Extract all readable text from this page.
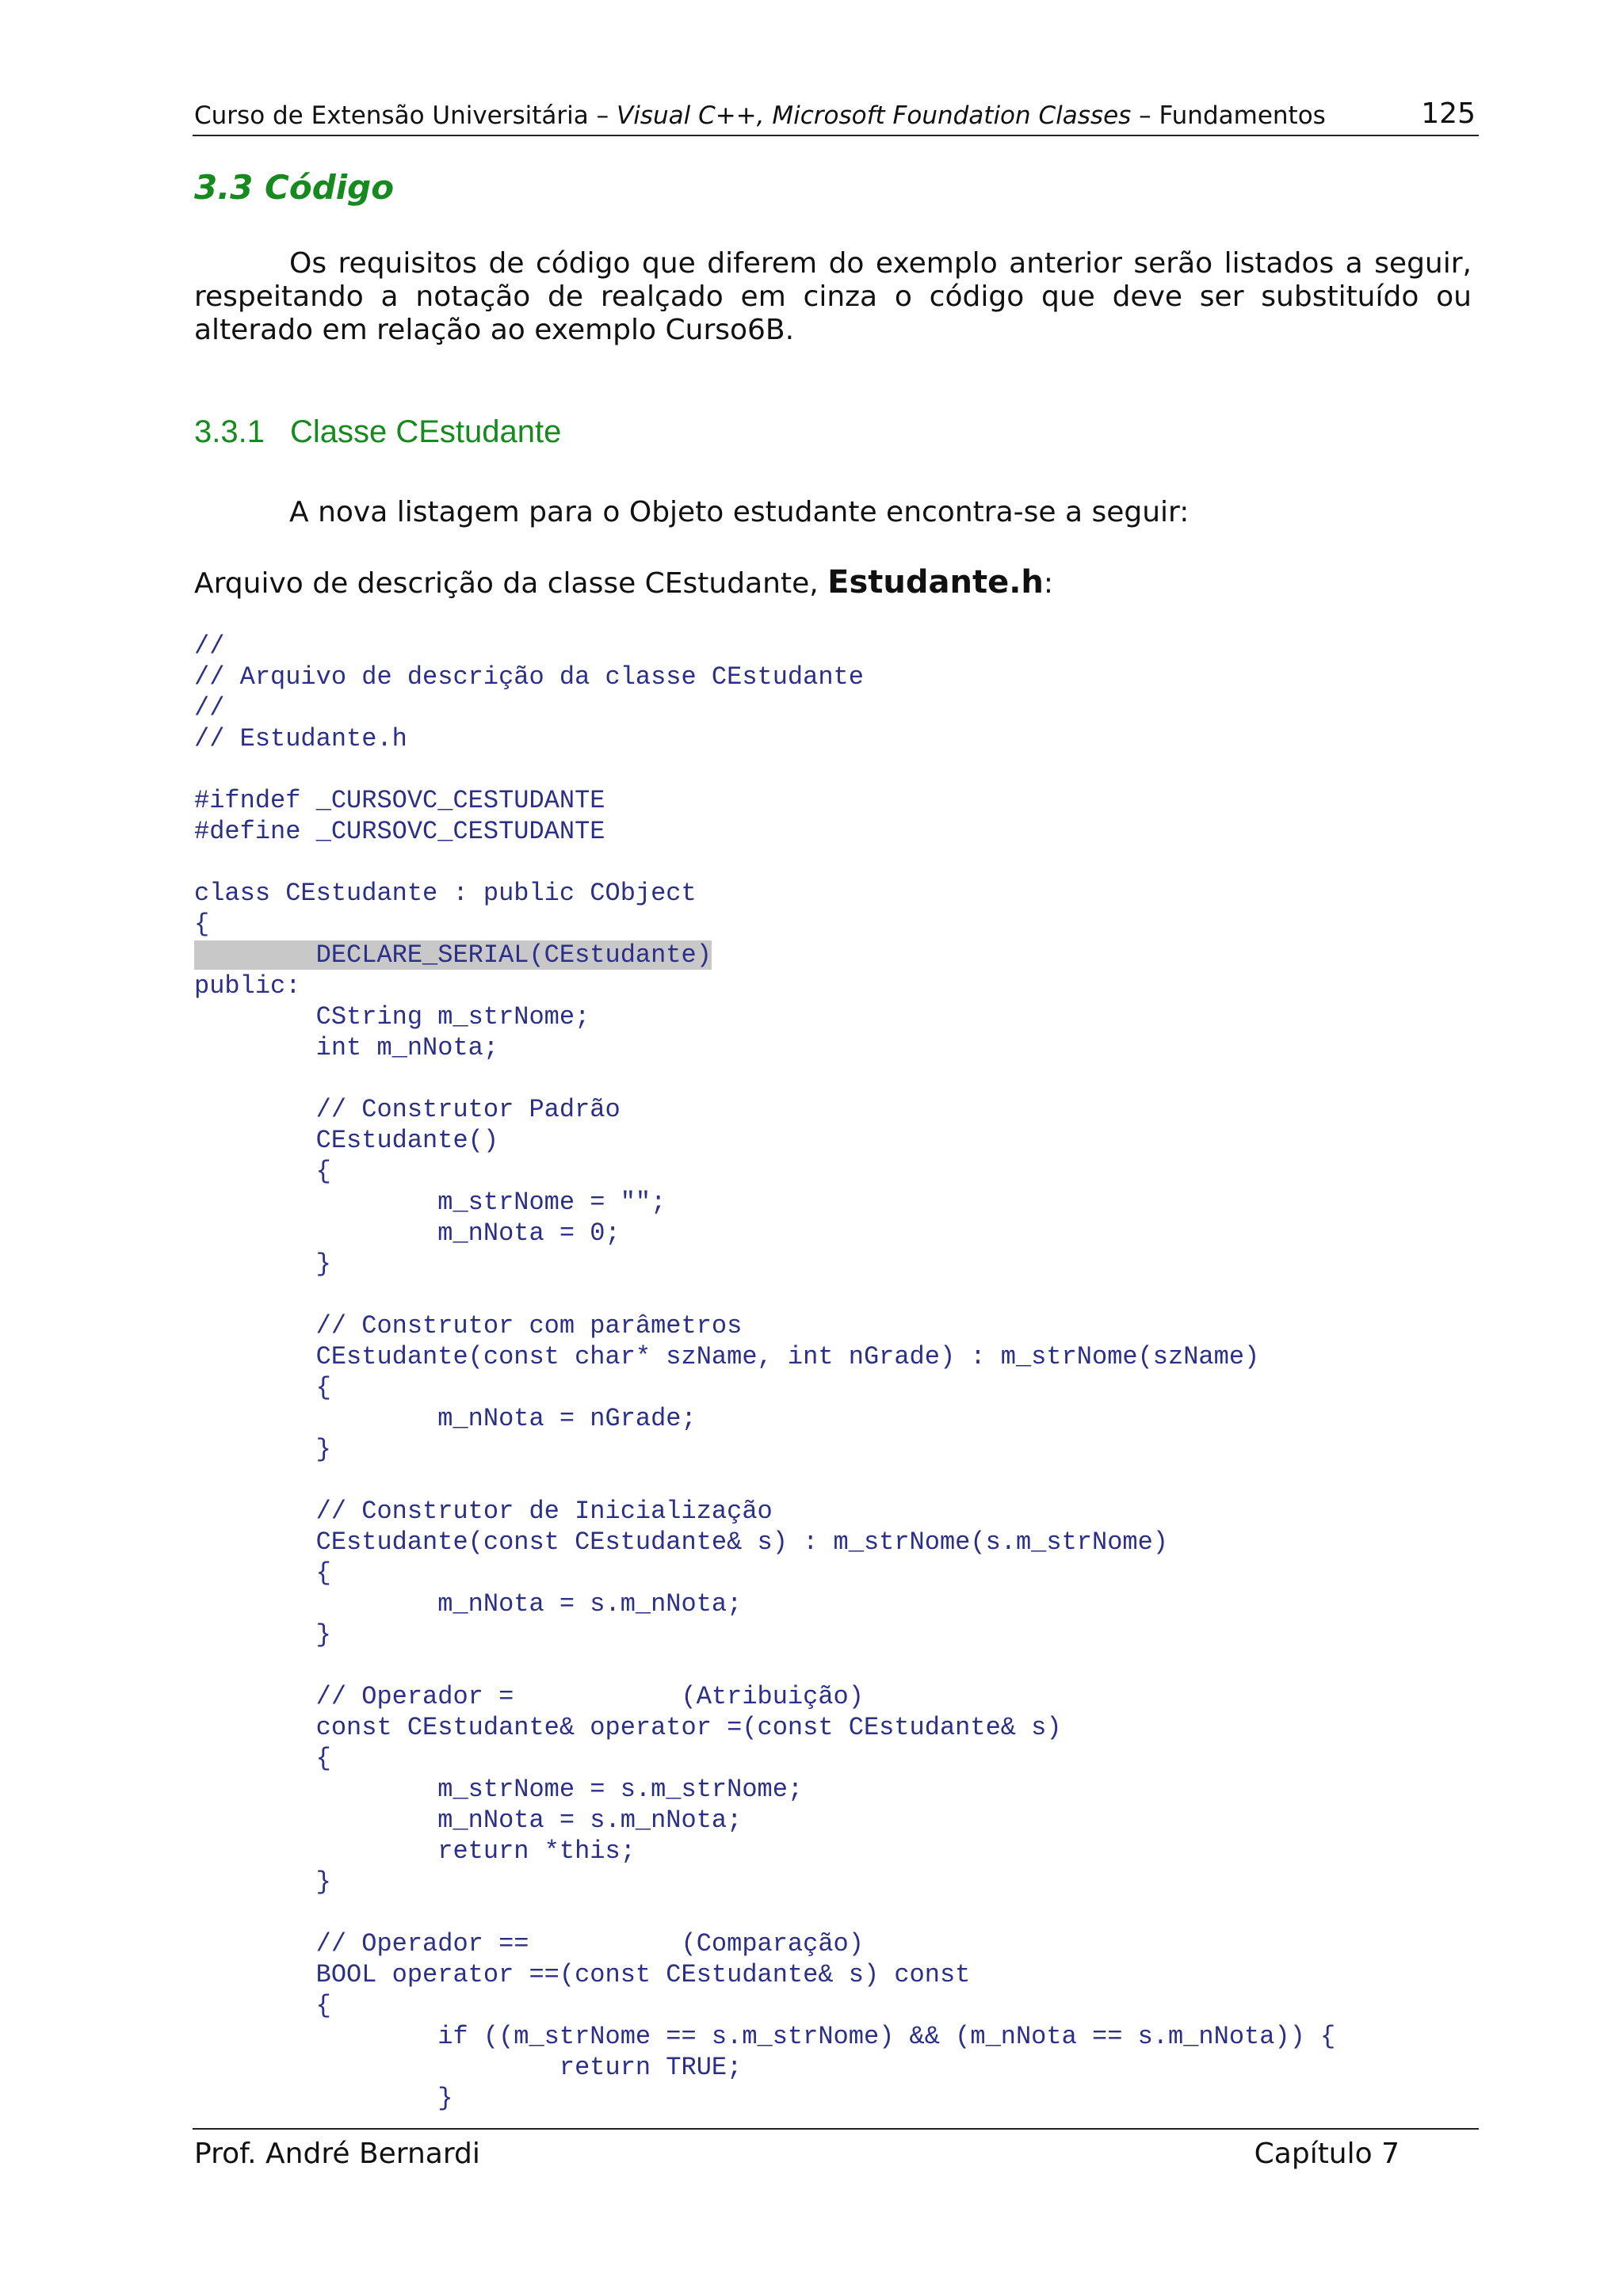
Curso de Extensão Universitária – Visual C++, Microsoft Foundation Classes – Fundamentos	125
3.3 Código
Os requisitos de código que diferem do exemplo anterior serão listados a seguir, respeitando a notação de realçado em cinza o código que deve ser substituído ou alterado em relação ao exemplo Curso6B.
3.3.1 Classe CEstudante
A nova listagem para o Objeto estudante encontra-se a seguir:
Arquivo de descrição da classe CEstudante, Estudante.h:
//
// Arquivo de descrição da classe CEstudante
//
// Estudante.h
#ifndef _CURSOVC_CESTUDANTE
#define _CURSOVC_CESTUDANTE
class CEstudante : public CObject
{
DECLARE_SERIAL(CEstudante)
public:
CString m_strNome;
int m_nNota;
// Construtor Padrão
CEstudante()
{
m_strNome = "";
m_nNota = 0;
}
// Construtor com parâmetros
CEstudante(const char* szName, int nGrade) : m_strNome(szName)
{
m_nNota = nGrade;
}
// Construtor de Inicialização
CEstudante(const CEstudante& s) : m_strNome(s.m_strNome)
{
m_nNota = s.m_nNota;
}
// Operador =           (Atribuição)
const CEstudante& operator =(const CEstudante& s)
{
m_strNome = s.m_strNome;
m_nNota = s.m_nNota;
return *this;
}
// Operador ==          (Comparação)
BOOL operator ==(const CEstudante& s) const
{
if ((m_strNome == s.m_strNome) && (m_nNota == s.m_nNota)) {
return TRUE;
}
Prof. André Bernardi	Capítulo 7
